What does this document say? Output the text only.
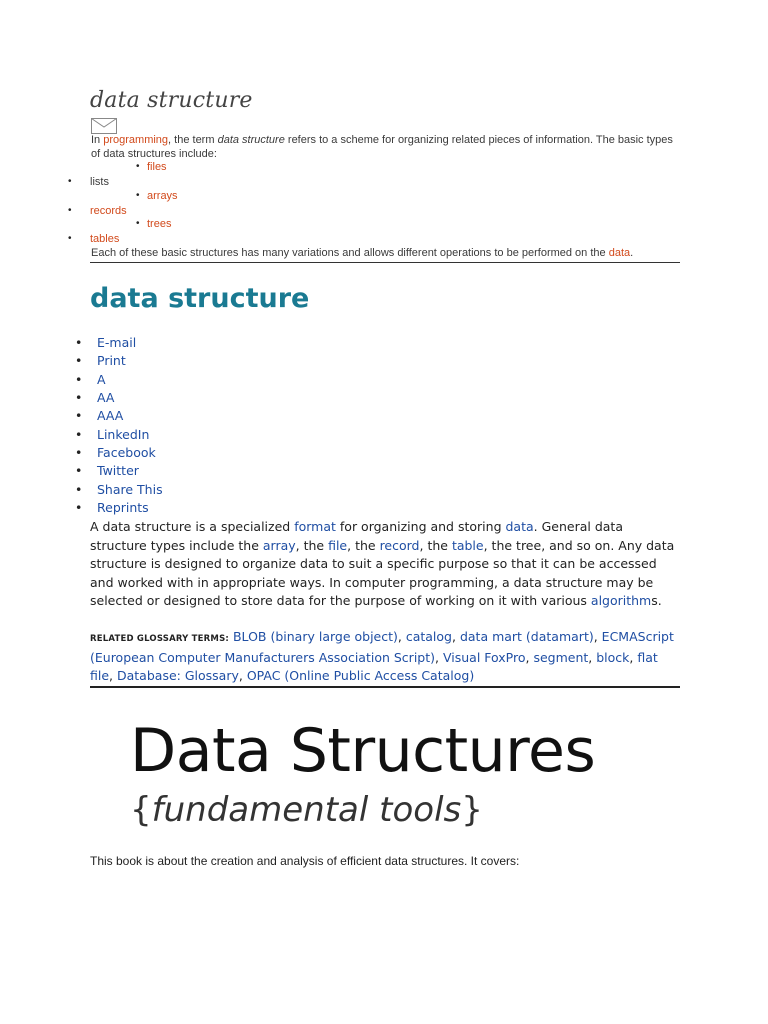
data structure
In programming, the term data structure refers to a scheme for organizing related pieces of information. The basic types of data structures include:
• files
• lists
• arrays
• records
• trees
• tables
Each of these basic structures has many variations and allows different operations to be performed on the data.
data structure
• E-mail
• Print
• A
• AA
• AAA
• LinkedIn
• Facebook
• Twitter
• Share This
• Reprints
A data structure is a specialized format for organizing and storing data. General data structure types include the array, the file, the record, the table, the tree, and so on. Any data structure is designed to organize data to suit a specific purpose so that it can be accessed and worked with in appropriate ways. In computer programming, a data structure may be selected or designed to store data for the purpose of working on it with various algorithms.
RELATED GLOSSARY TERMS: BLOB (binary large object), catalog, data mart (datamart), ECMAScript (European Computer Manufacturers Association Script), Visual FoxPro, segment, block, flat file, Database: Glossary, OPAC (Online Public Access Catalog)
Data Structures
{fundamental tools}
This book is about the creation and analysis of efficient data structures. It covers:
